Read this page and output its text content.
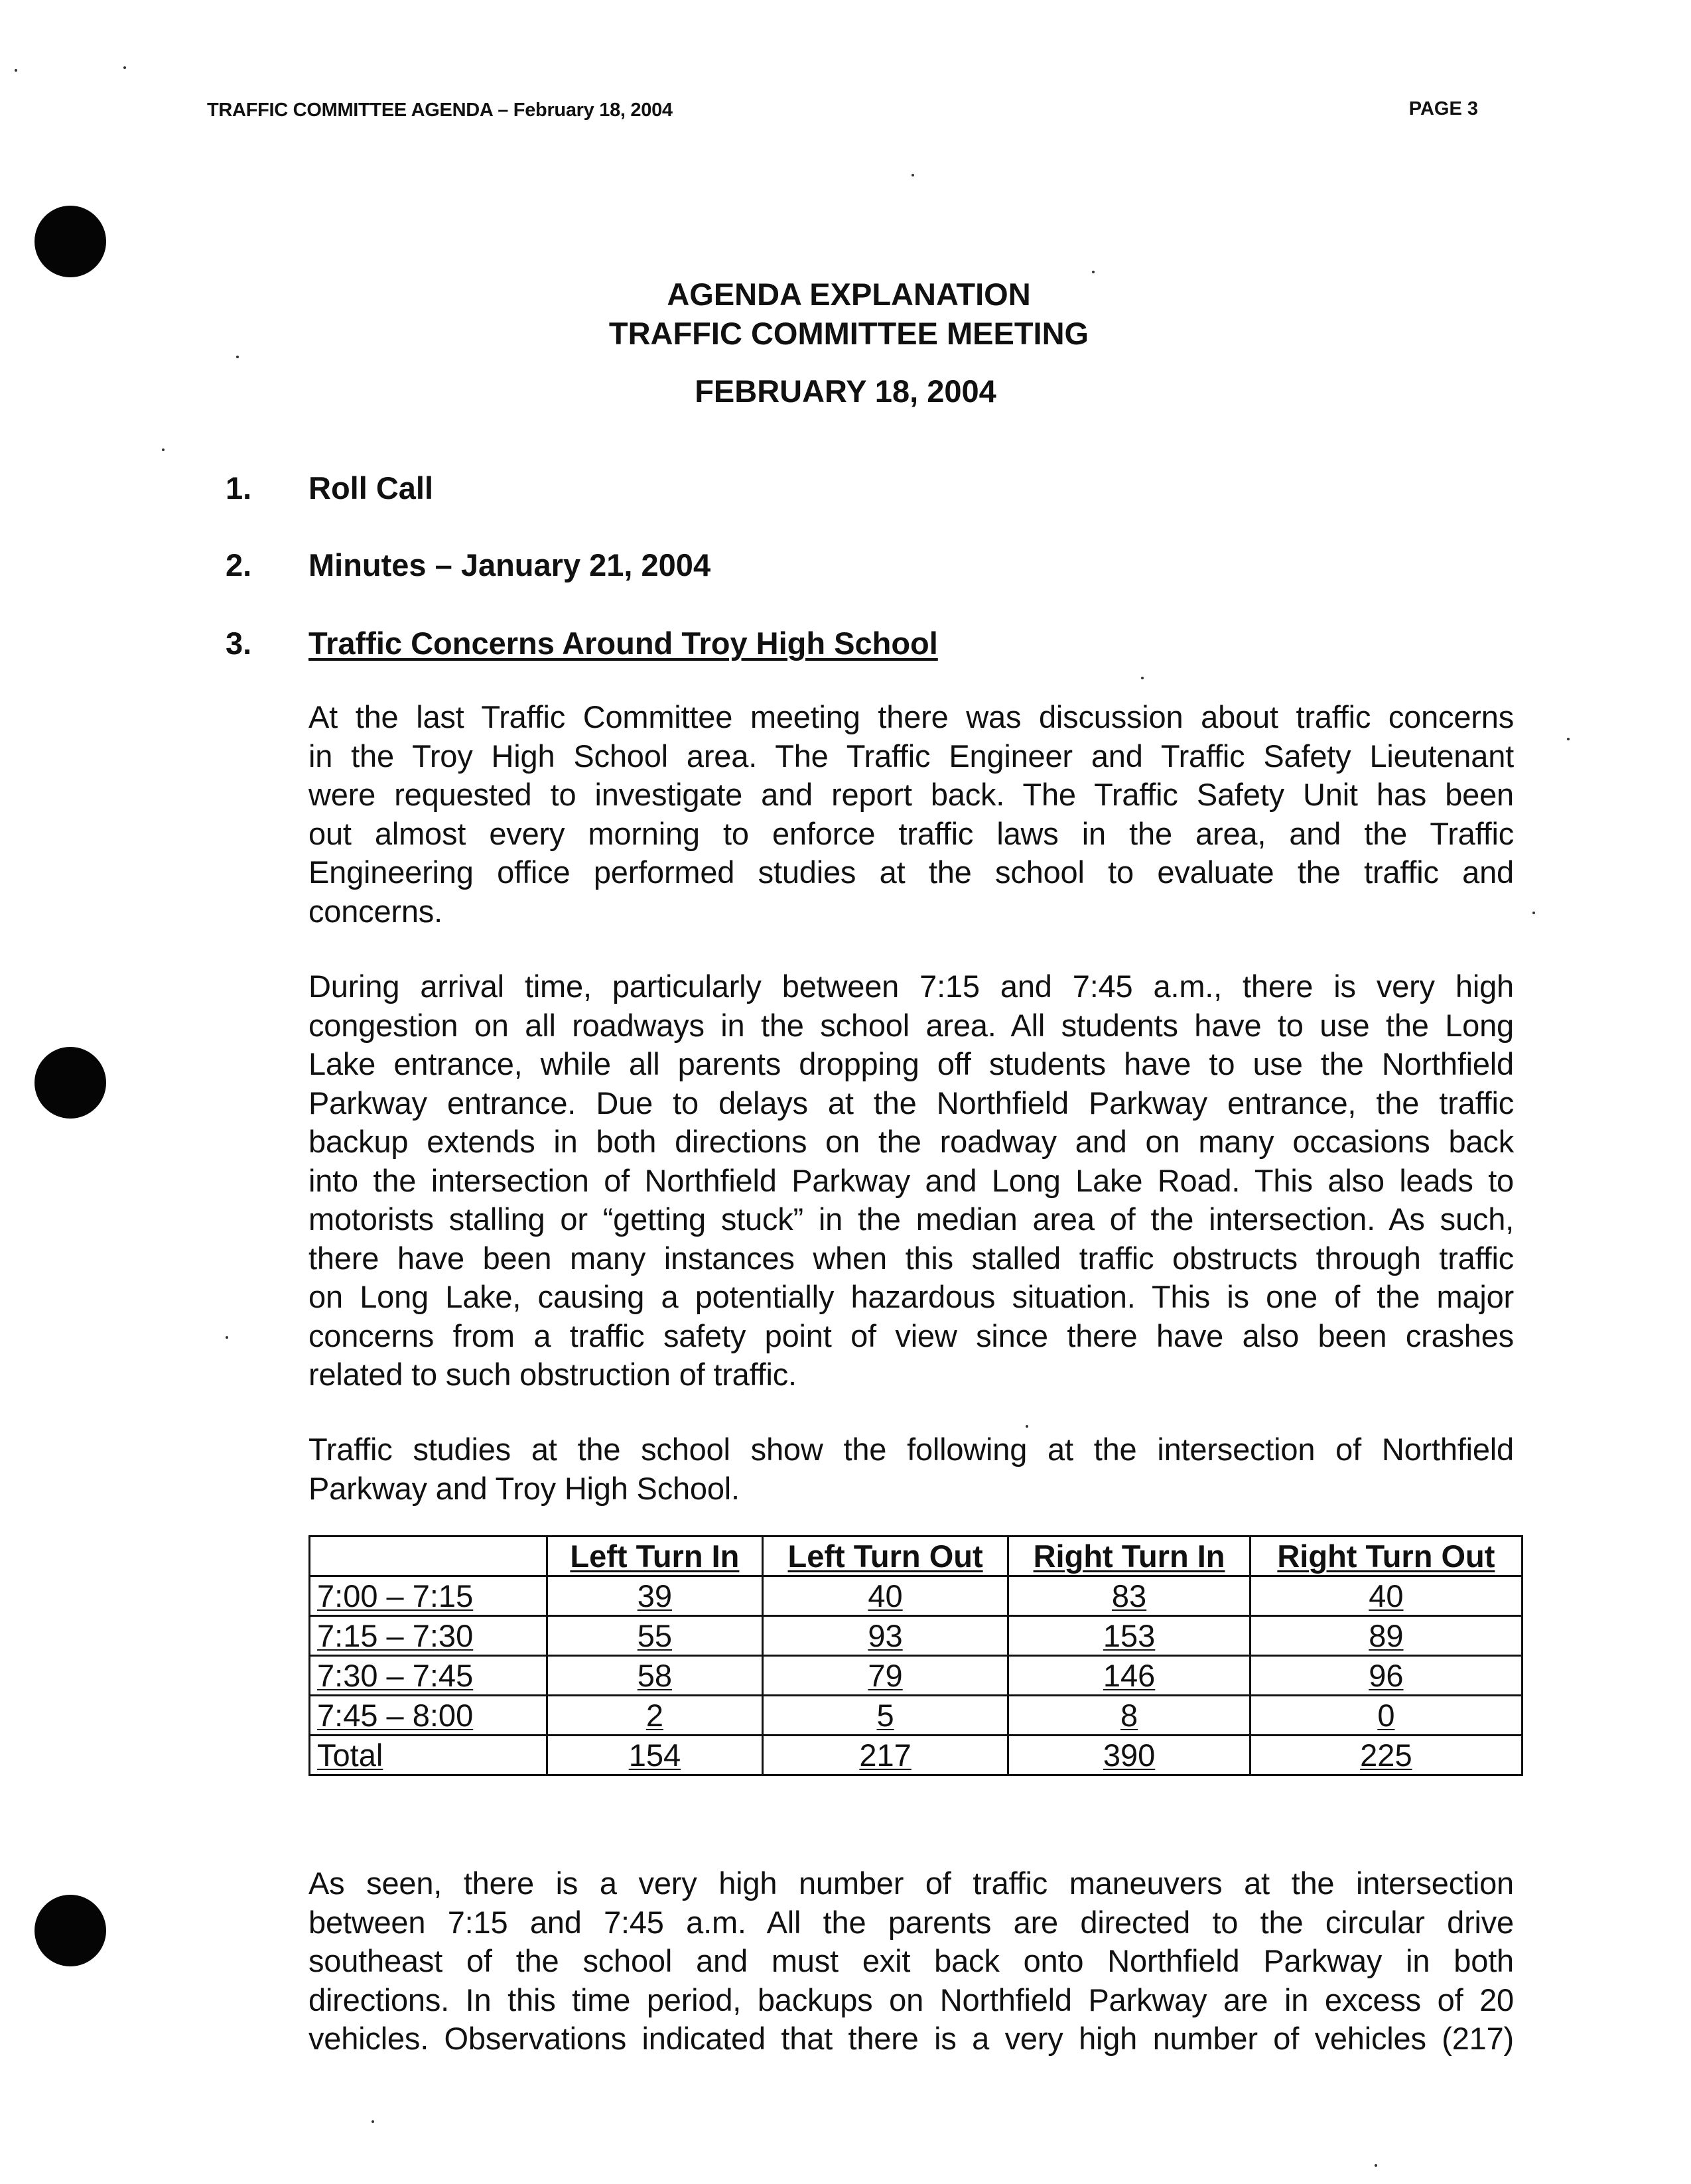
TRAFFIC COMMITTEE AGENDA – February 18, 2004	PAGE 3
AGENDA EXPLANATION
TRAFFIC COMMITTEE MEETING
FEBRUARY 18, 2004
1. Roll Call
2. Minutes – January 21, 2004
3. Traffic Concerns Around Troy High School
At the last Traffic Committee meeting there was discussion about traffic concerns
in the Troy High School area. The Traffic Engineer and Traffic Safety Lieutenant
were requested to investigate and report back. The Traffic Safety Unit has been
out almost every morning to enforce traffic laws in the area, and the Traffic
Engineering office performed studies at the school to evaluate the traffic and
concerns.
During arrival time, particularly between 7:15 and 7:45 a.m., there is very high
congestion on all roadways in the school area. All students have to use the Long
Lake entrance, while all parents dropping off students have to use the Northfield
Parkway entrance. Due to delays at the Northfield Parkway entrance, the traffic
backup extends in both directions on the roadway and on many occasions back
into the intersection of Northfield Parkway and Long Lake Road. This also leads to
motorists stalling or “getting stuck” in the median area of the intersection. As such,
there have been many instances when this stalled traffic obstructs through traffic
on Long Lake, causing a potentially hazardous situation. This is one of the major
concerns from a traffic safety point of view since there have also been crashes
related to such obstruction of traffic.
Traffic studies at the school show the following at the intersection of Northfield
Parkway and Troy High School.
	Left Turn In	Left Turn Out	Right Turn In	Right Turn Out
7:00 – 7:15	39	40	83	40
7:15 – 7:30	55	93	153	89
7:30 – 7:45	58	79	146	96
7:45 – 8:00	2	5	8	0
Total	154	217	390	225
As seen, there is a very high number of traffic maneuvers at the intersection
between 7:15 and 7:45 a.m. All the parents are directed to the circular drive
southeast of the school and must exit back onto Northfield Parkway in both
directions. In this time period, backups on Northfield Parkway are in excess of 20
vehicles. Observations indicated that there is a very high number of vehicles (217)
